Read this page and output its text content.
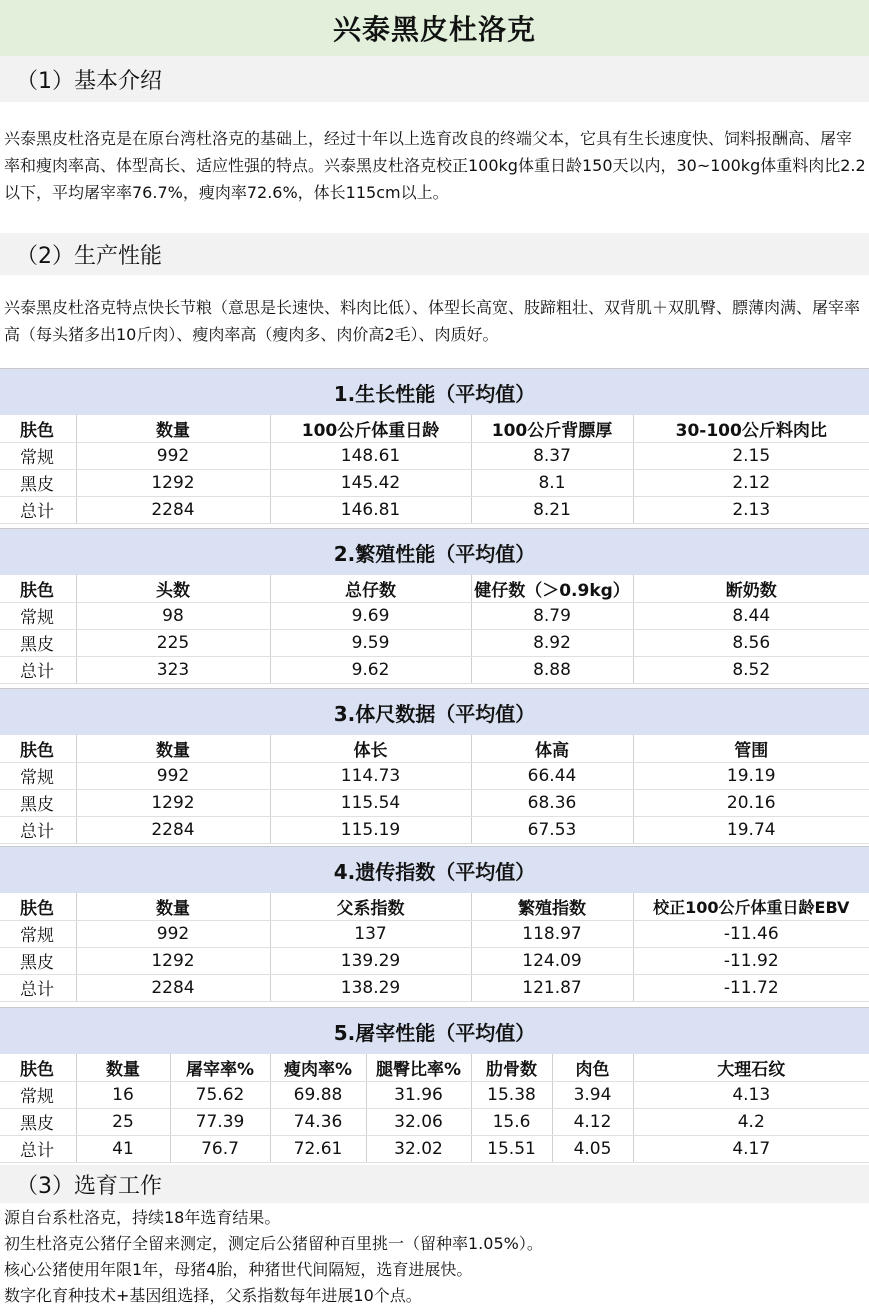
兴泰黑皮杜洛克
（1）基本介绍
兴泰黑皮杜洛克是在原台湾杜洛克的基础上，经过十年以上选育改良的终端父本，它具有生长速度快、饲料报酬高、屠宰率和瘦肉率高、体型高长、适应性强的特点。兴泰黑皮杜洛克校正100kg体重日龄150天以内，30~100kg体重料肉比2.2以下，平均屠宰率76.7%，瘦肉率72.6%，体长115cm以上。
（2）生产性能
兴泰黑皮杜洛克特点快长节粮（意思是长速快、料肉比低）、体型长高宽、肢蹄粗壮、双背肌＋双肌臀、膘薄肉满、屠宰率高（每头猪多出10斤肉）、瘦肉率高（瘦肉多、肉价高2毛）、肉质好。
1.生长性能（平均值）
肤色	数量	100公斤体重日龄	100公斤背膘厚	30-100公斤料肉比
常规	992	148.61	8.37	2.15
黑皮	1292	145.42	8.1	2.12
总计	2284	146.81	8.21	2.13
2.繁殖性能（平均值）
肤色	头数	总仔数	健仔数（＞0.9kg）	断奶数
常规	98	9.69	8.79	8.44
黑皮	225	9.59	8.92	8.56
总计	323	9.62	8.88	8.52
3.体尺数据（平均值）
肤色	数量	体长	体高	管围
常规	992	114.73	66.44	19.19
黑皮	1292	115.54	68.36	20.16
总计	2284	115.19	67.53	19.74
4.遗传指数（平均值）
肤色	数量	父系指数	繁殖指数	校正100公斤体重日龄EBV
常规	992	137	118.97	-11.46
黑皮	1292	139.29	124.09	-11.92
总计	2284	138.29	121.87	-11.72
5.屠宰性能（平均值）
肤色	数量	屠宰率%	瘦肉率%	腿臀比率%	肋骨数	肉色	大理石纹
常规	16	75.62	69.88	31.96	15.38	3.94	4.13
黑皮	25	77.39	74.36	32.06	15.6	4.12	4.2
总计	41	76.7	72.61	32.02	15.51	4.05	4.17
（3）选育工作
源自台系杜洛克，持续18年选育结果。
初生杜洛克公猪仔全留来测定，测定后公猪留种百里挑一（留种率1.05%）。
核心公猪使用年限1年，母猪4胎，种猪世代间隔短，选育进展快。
数字化育种技术+基因组选择，父系指数每年进展10个点。
